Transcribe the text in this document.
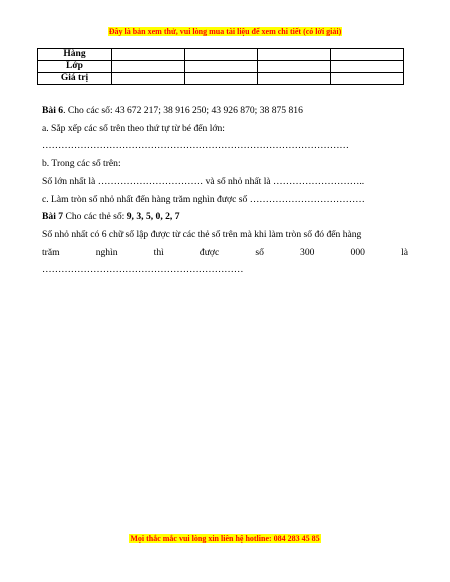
Đây là bản xem thử, vui lòng mua tài liệu để xem chi tiết (có lời giải)
Hàng				
Lớp				
Giá trị				

Bài 6. Cho các số: 43 672 217; 38 916 250; 43 926 870; 38 875 816

a. Sắp xếp các số trên theo thứ tự từ bé đến lớn:

……………………………………………………………………………………

b. Trong các số trên:

Số lớn nhất là …………………………… và số nhỏ nhất là ………………………..

c. Làm tròn số nhỏ nhất đến hàng trăm nghìn được số ………………………………

Bài 7 Cho các thẻ số: 9, 3, 5, 0, 2, 7

Số nhỏ nhất có 6 chữ số lập được từ các thẻ số trên mà khi làm tròn số đó đến hàng

trăm nghìn thì được số 300 000 là

………………………………………………………

Mọi thắc mắc vui lòng xin liên hệ hotline: 084 283 45 85
